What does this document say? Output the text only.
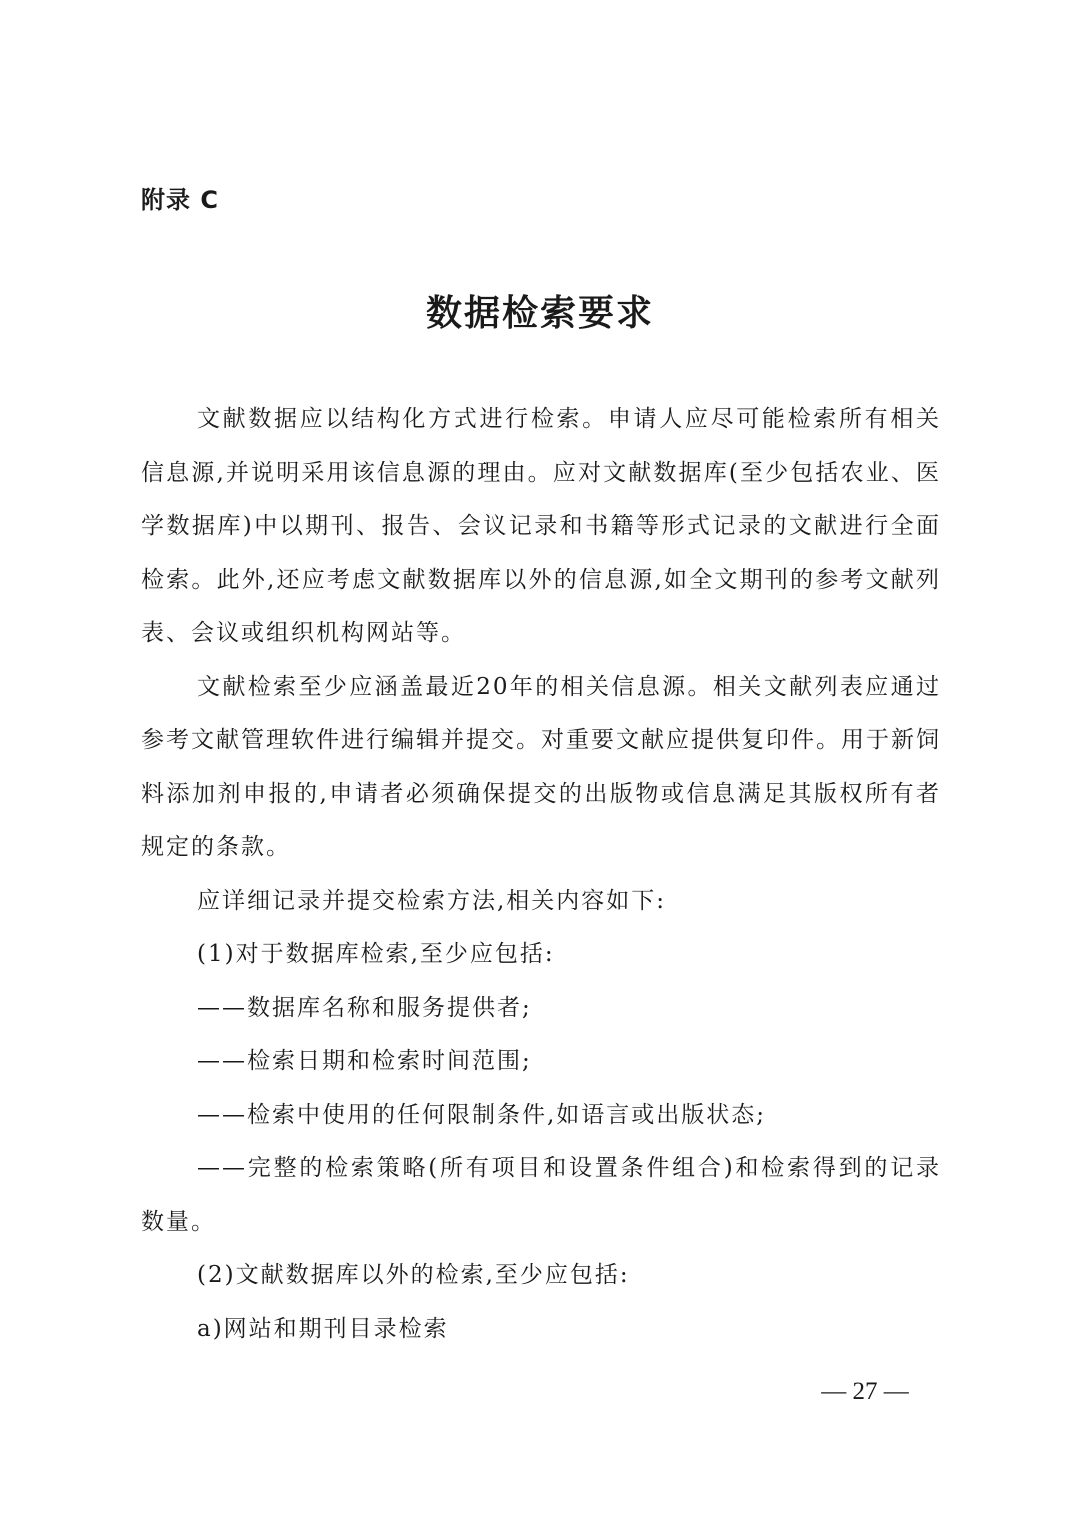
附录 C
数据检索要求

文献数据应以结构化方式进行检索。申请人应尽可能检索所有相关信息源,并说明采用该信息源的理由。应对文献数据库(至少包括农业、医学数据库)中以期刊、报告、会议记录和书籍等形式记录的文献进行全面检索。此外,还应考虑文献数据库以外的信息源,如全文期刊的参考文献列表、会议或组织机构网站等。

文献检索至少应涵盖最近20年的相关信息源。相关文献列表应通过参考文献管理软件进行编辑并提交。对重要文献应提供复印件。用于新饲料添加剂申报的,申请者必须确保提交的出版物或信息满足其版权所有者规定的条款。

应详细记录并提交检索方法,相关内容如下:

(1)对于数据库检索,至少应包括:

——数据库名称和服务提供者;

——检索日期和检索时间范围;

——检索中使用的任何限制条件,如语言或出版状态;

——完整的检索策略(所有项目和设置条件组合)和检索得到的记录数量。

(2)文献数据库以外的检索,至少应包括:

a)网站和期刊目录检索

— 27 —
